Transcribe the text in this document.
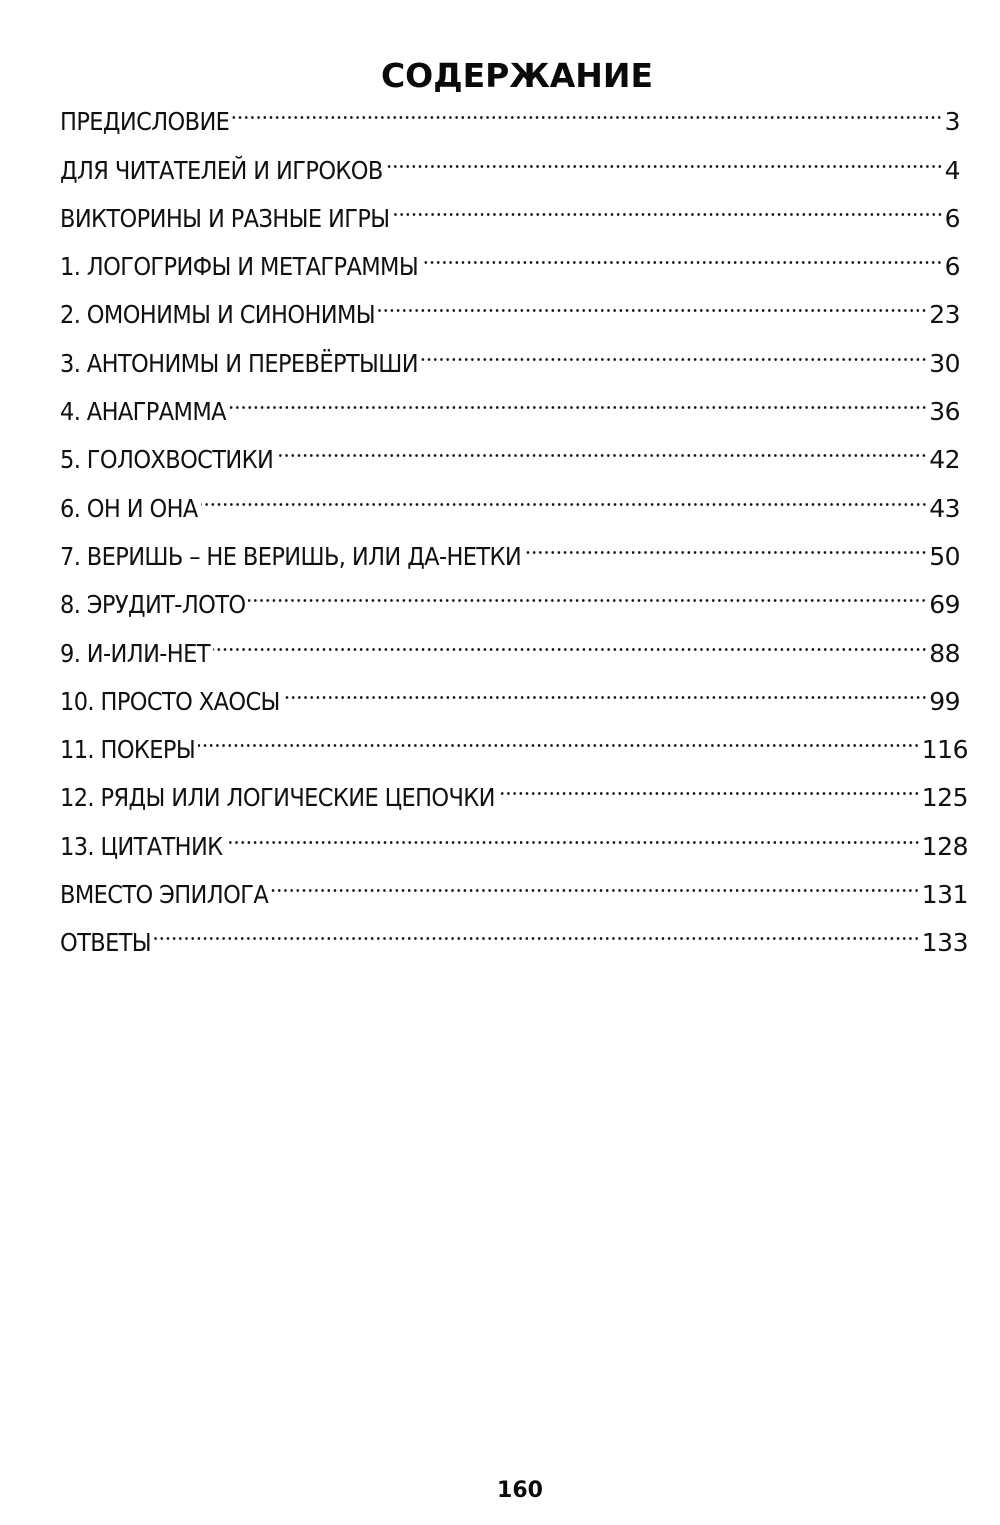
СОДЕРЖАНИЕ
ПРЕДИСЛОВИЕ	3
ДЛЯ ЧИТАТЕЛЕЙ И ИГРОКОВ	4
ВИКТОРИНЫ И РАЗНЫЕ ИГРЫ	6
1. ЛОГОГРИФЫ И МЕТАГРАММЫ	6
2. ОМОНИМЫ И СИНОНИМЫ	23
3. АНТОНИМЫ И ПЕРЕВЁРТЫШИ	30
4. АНАГРАММА	36
5. ГОЛОХВОСТИКИ	42
6. ОН И ОНА	43
7. ВЕРИШЬ – НЕ ВЕРИШЬ, ИЛИ ДА-НЕТКИ	50
8. ЭРУДИТ-ЛОТО	69
9. И-ИЛИ-НЕТ	88
10. ПРОСТО ХАОСЫ	99
11. ПОКЕРЫ	116
12. РЯДЫ ИЛИ ЛОГИЧЕСКИЕ ЦЕПОЧКИ	125
13. ЦИТАТНИК	128
ВМЕСТО ЭПИЛОГА	131
ОТВЕТЫ	133
160
